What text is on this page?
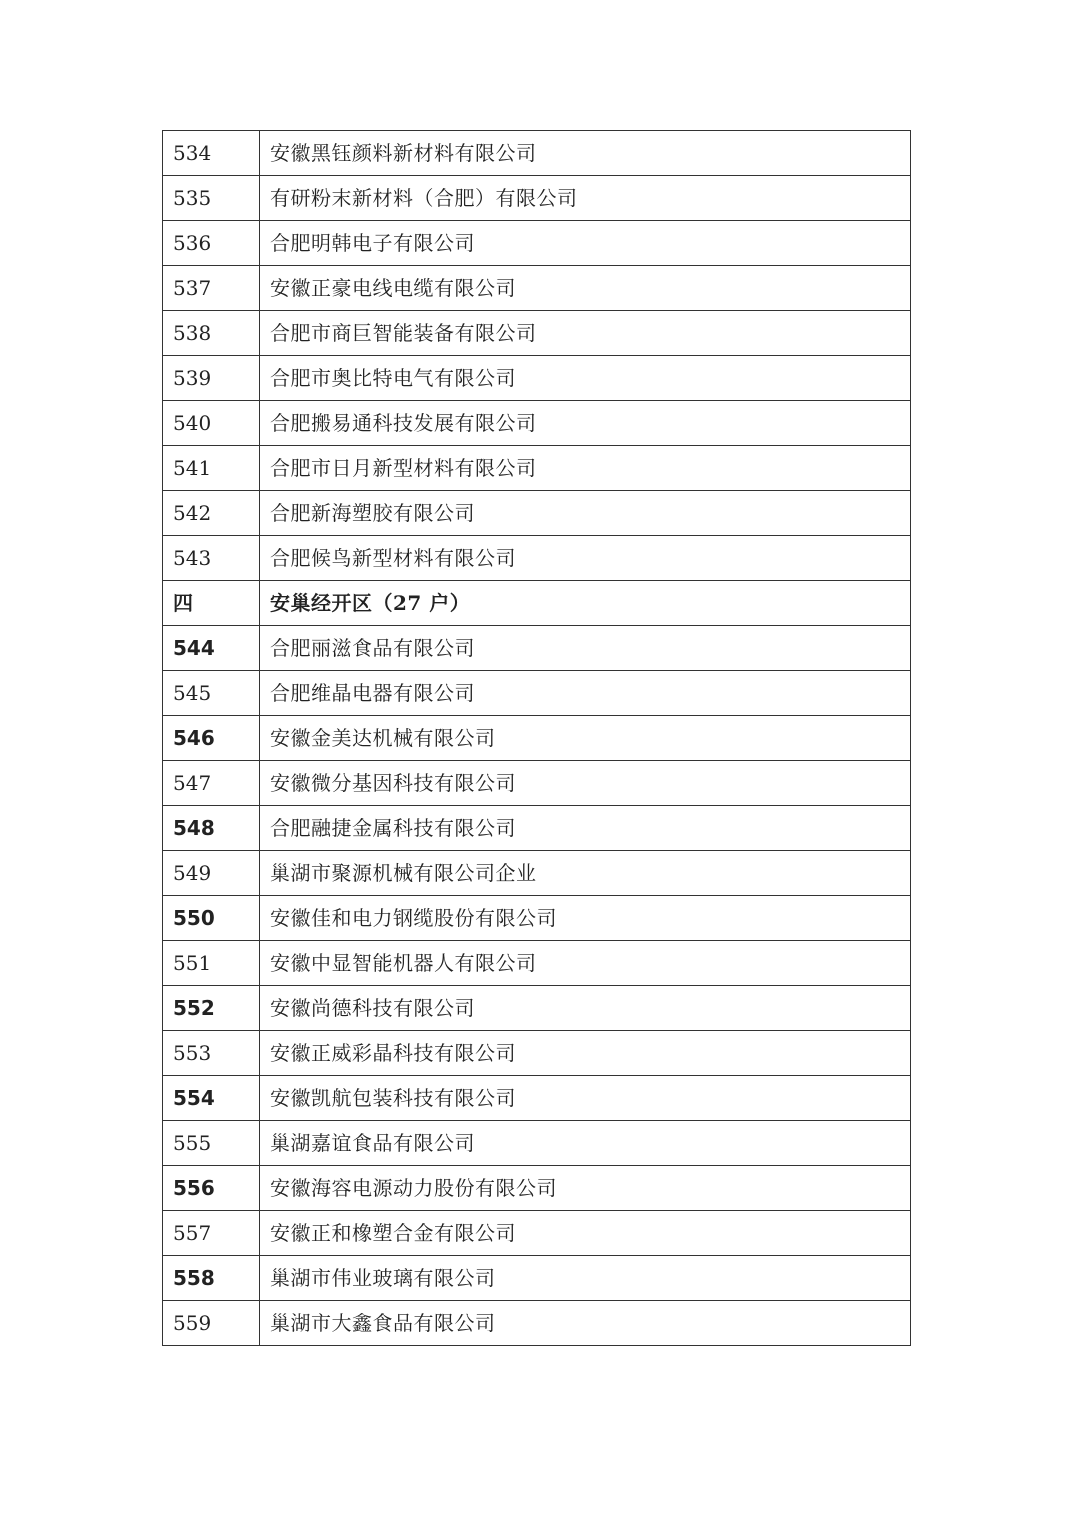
534	安徽黑钰颜料新材料有限公司
535	有研粉末新材料（合肥）有限公司
536	合肥明韩电子有限公司
537	安徽正豪电线电缆有限公司
538	合肥市商巨智能装备有限公司
539	合肥市奥比特电气有限公司
540	合肥搬易通科技发展有限公司
541	合肥市日月新型材料有限公司
542	合肥新海塑胶有限公司
543	合肥候鸟新型材料有限公司
四	安巢经开区（27 户）
544	合肥丽滋食品有限公司
545	合肥维晶电器有限公司
546	安徽金美达机械有限公司
547	安徽微分基因科技有限公司
548	合肥融捷金属科技有限公司
549	巢湖市聚源机械有限公司企业
550	安徽佳和电力钢缆股份有限公司
551	安徽中显智能机器人有限公司
552	安徽尚德科技有限公司
553	安徽正威彩晶科技有限公司
554	安徽凯航包装科技有限公司
555	巢湖嘉谊食品有限公司
556	安徽海容电源动力股份有限公司
557	安徽正和橡塑合金有限公司
558	巢湖市伟业玻璃有限公司
559	巢湖市大鑫食品有限公司
